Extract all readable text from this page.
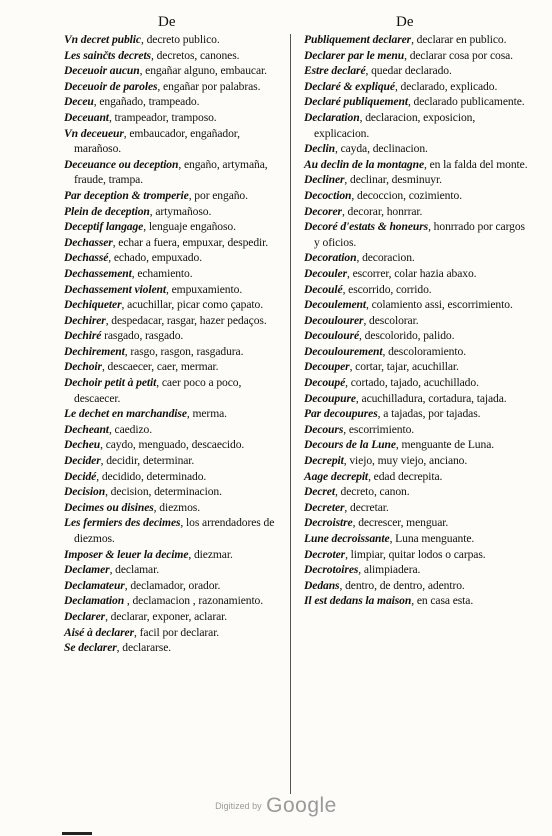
De	De

Vn decret public, decreto publico.

Les sainčts decrets, decretos, canones.

Deceuoir aucun, engañar alguno, embaucar.

Deceuoir de paroles, engañar por palabras.

Deceu, engañado, trampeado.

Deceuant, trampeador, tramposo.

Vn deceueur, embaucador, engañador, marañoso.

Deceuance ou deception, engaño, artymaña, fraude, trampa.

Par deception & tromperie, por engaño.

Plein de deception, artymañoso.

Deceptif langage, lenguaje engañoso.

Dechasser, echar a fuera, empuxar, despedir.

Dechassé, echado, empuxado.

Dechassement, echamiento.

Dechassement violent, empuxamiento.

Dechiqueter, acuchillar, picar como çapato.

Dechirer, despedacar, rasgar, hazer pedaços.

Dechiré rasgado, rasgado.

Dechirement, rasgo, rasgon, rasgadura.

Dechoir, descaecer, caer, mermar.

Dechoir petit à petit, caer poco a poco, descaecer.

Le dechet en marchandise, merma.

Decheant, caedizo.

Decheu, caydo, menguado, descaecido.

Decider, decidir, determinar.

Decidé, decidido, determinado.

Decision, decision, determinacion.

Decimes ou disines, diezmos.

Les fermiers des decimes, los arrendadores de diezmos.

Imposer & leuer la decime, diezmar.

Declamer, declamar.

Declamateur, declamador, orador.

Declamation , declamacion , razonamiento.

Declarer, declarar, exponer, aclarar.

Aisé à declarer, facil por declarar.

Se declarer, declararse.

Publiquement declarer, declarar en publico.

Declarer par le menu, declarar cosa por cosa.

Estre declaré, quedar declarado.

Declaré & expliqué, declarado, explicado.

Declaré publiquement, declarado publicamente.

Declaration, declaracion, exposicion, explicacion.

Declin, cayda, declinacion.

Au declin de la montagne, en la falda del monte.

Decliner, declinar, desminuyr.

Decoction, decoccion, cozimiento.

Decorer, decorar, honrrar.

Decoré d'estats & honeurs, honrrado por cargos y oficios.

Decoration, decoracion.

Decouler, escorrer, colar hazia abaxo.

Decoulé, escorrido, corrido.

Decoulement, colamiento assi, escorrimiento.

Decoulourer, descolorar.

Decoulouré, descolorido, palido.

Decoulourement, descoloramiento.

Decouper, cortar, tajar, acuchillar.

Decoupé, cortado, tajado, acuchillado.

Decoupure, acuchilladura, cortadura, tajada.

Par decoupures, a tajadas, por tajadas.

Decours, escorrimiento.

Decours de la Lune, menguante de Luna.

Decrepit, viejo, muy viejo, anciano.

Aage decrepit, edad decrepita.

Decret, decreto, canon.

Decreter, decretar.

Decroistre, decrescer, menguar.

Lune decroissante, Luna menguante.

Decroter, limpiar, quitar lodos o carpas.

Decrotoires, alimpiadera.

Dedans, dentro, de dentro, adentro.

Il est dedans la maison, en casa esta.

Digitized by Google
